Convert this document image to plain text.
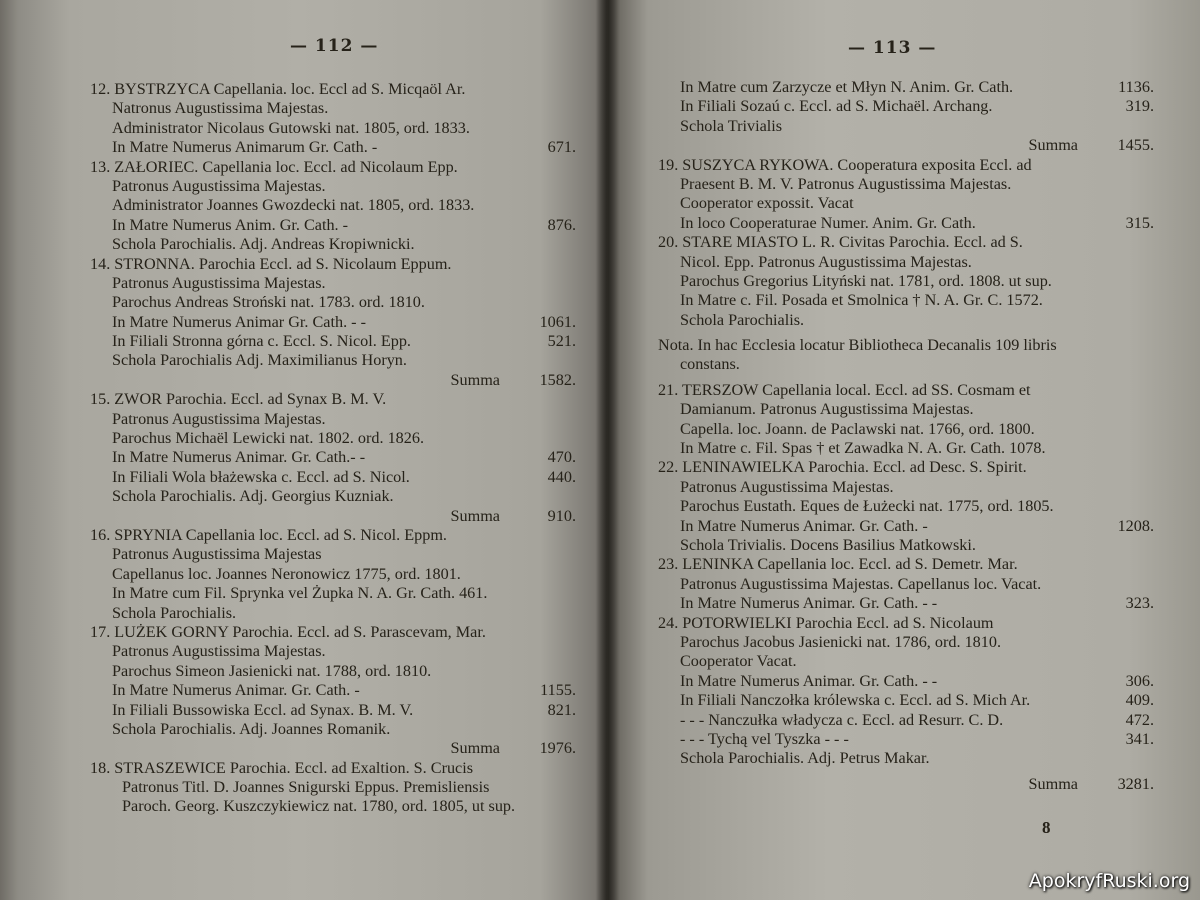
— 112 —
12. BYSTRZYCA Capellania. loc. Eccl ad S. Micqaöl Ar.
Natronus Augustissima Majestas.
Administrator Nicolaus Gutowski nat. 1805, ord. 1833.
In Matre Numerus Animarum Gr. Cath. -	671.
13. ZAŁORIEC. Capellania loc. Eccl. ad Nicolaum Epp.
Patronus Augustissima Majestas.
Administrator Joannes Gwozdecki nat. 1805, ord. 1833.
In Matre Numerus Anim. Gr. Cath. -	876.
Schola Parochialis. Adj. Andreas Kropiwnicki.
14. STRONNA. Parochia Eccl. ad S. Nicolaum Eppum.
Patronus Augustissima Majestas.
Parochus Andreas Stroński nat. 1783. ord. 1810.
In Matre Numerus Animar Gr. Cath. - -	1061.
In Filiali Stronna górna c. Eccl. S. Nicol. Epp.	521.
Schola Parochialis Adj. Maximilianus Horyn.
Summa 1582.
15. ZWOR Parochia. Eccl. ad Synax B. M. V.
Patronus Augustissima Majestas.
Parochus Michaël Lewicki nat. 1802. ord. 1826.
In Matre Numerus Animar. Gr. Cath.- -	470.
In Filiali Wola błażewska c. Eccl. ad S. Nicol.	440.
Schola Parochialis. Adj. Georgius Kuzniak.
Summa	910.
16. SPRYNIA Capellania loc. Eccl. ad S. Nicol. Eppm.
Patronus Augustissima Majestas
Capellanus loc. Joannes Neronowicz 1775, ord. 1801.
In Matre cum Fil. Sprynka vel Żupka N. A. Gr. Cath. 461.
Schola Parochialis.
17. LUŻEK GORNY Parochia. Eccl. ad S. Parascevam, Mar.
Patronus Augustissima Majestas.
Parochus Simeon Jasienicki nat. 1788, ord. 1810.
In Matre Numerus Animar. Gr. Cath. -	1155.
In Filiali Bussowiska Eccl. ad Synax. B. M. V.	821.
Schola Parochialis. Adj. Joannes Romanik.
Summa 1976.
18. STRASZEWICE Parochia. Eccl. ad Exaltion. S. Crucis
Patronus Titl. D. Joannes Snigurski Eppus. Premisliensis
Paroch. Georg. Kuszczykiewicz nat. 1780, ord. 1805, ut sup.
— 113 —
In Matre cum Zarzycze et Młyn N. Anim. Gr. Cath.	1136.
In Filiali Sozaú c. Eccl. ad S. Michaël. Archang.	319.
Schola Trivialis
Summa 1455.
19. SUSZYCA RYKOWA. Cooperatura exposita Eccl. ad
Praesent B. M. V. Patronus Augustissima Majestas.
Cooperator expossit. Vacat
In loco Cooperaturae Numer. Anim. Gr. Cath.	315.
20. STARE MIASTO L. R. Civitas Parochia. Eccl. ad S.
Nicol. Epp. Patronus Augustissima Majestas.
Parochus Gregorius Lityński nat. 1781, ord. 1808. ut sup.
In Matre c. Fil. Posada et Smolnica † N. A. Gr. C. 1572.
Schola Parochialis.
Nota. In hac Ecclesia locatur Bibliotheca Decanalis 109 libris
constans.
21. TERSZOW Capellania local. Eccl. ad SS. Cosmam et
Damianum. Patronus Augustissima Majestas.
Capella. loc. Joann. de Paclawski nat. 1766, ord. 1800.
In Matre c. Fil. Spas † et Zawadka N. A. Gr. Cath. 1078.
22. LENINAWIELKA Parochia. Eccl. ad Desc. S. Spirit.
Patronus Augustissima Majestas.
Parochus Eustath. Eques de Łużecki nat. 1775, ord. 1805.
In Matre Numerus Animar. Gr. Cath. -	1208.
Schola Trivialis. Docens Basilius Matkowski.
23. LENINKA Capellania loc. Eccl. ad S. Demetr. Mar.
Patronus Augustissima Majestas. Capellanus loc. Vacat.
In Matre Numerus Animar. Gr. Cath. - -	323.
24. POTORWIELKI Parochia Eccl. ad S. Nicolaum
Parochus Jacobus Jasienicki nat. 1786, ord. 1810.
Cooperator Vacat.
In Matre Numerus Animar. Gr. Cath. - -	306.
In Filiali Nanczołka królewska c. Eccl. ad S. Mich Ar.	409.
- - - Nanczułka władycza c. Eccl. ad Resurr. C. D.	472.
- - - Tychą vel Tyszka - - -	341.
Schola Parochialis. Adj. Petrus Makar.
Summa 3281.
8
ApokryfRuski.org
